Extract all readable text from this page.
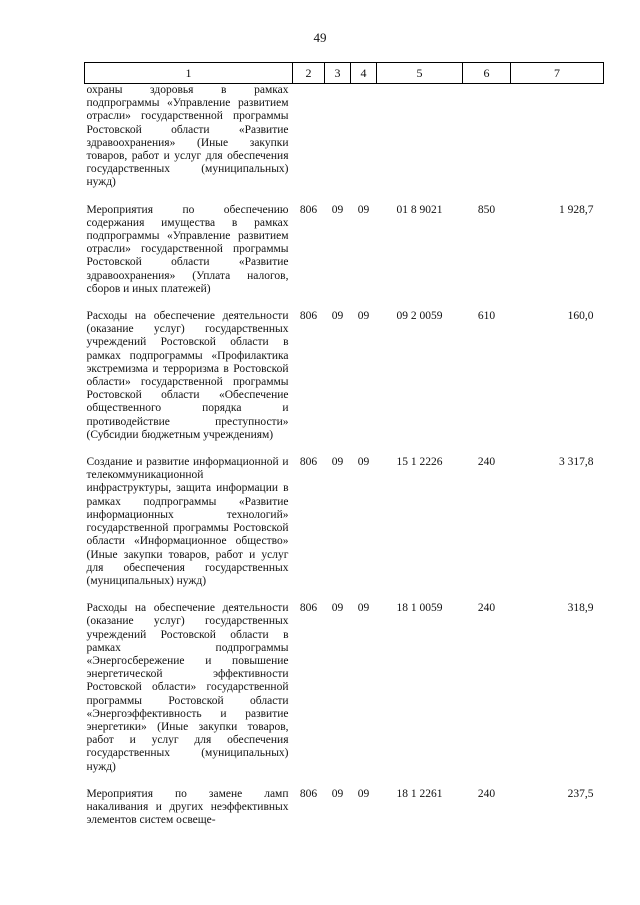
49
1	2	3	4	5	6	7
охраны здоровья в рамках подпрограммы «Управление развитием отрасли» государственной программы Ростовской области «Развитие здравоохранения» (Иные закупки товаров, работ и услуг для обеспечения государственных (муниципальных) нужд)						

Мероприятия по обеспечению содержания имущества в рамках подпрограммы «Управление развитием отрасли» государственной программы Ростовской области «Развитие здравоохранения» (Уплата налогов, сборов и иных платежей)	806	09	09	01 8 9021	850	1 928,7

Расходы на обеспечение деятельности (оказание услуг) государственных учреждений Ростовской области в рамках подпрограммы «Профилактика экстремизма и терроризма в Ростовской области» государственной программы Ростовской области «Обеспечение общественного порядка и противодействие преступности» (Субсидии бюджетным учреждениям)	806	09	09	09 2 0059	610	160,0

Создание и развитие информационной и телекоммуникационной инфраструктуры, защита информации в рамках подпрограммы «Развитие информационных технологий» государственной программы Ростовской области «Информационное общество» (Иные закупки товаров, работ и услуг для обеспечения государственных (муниципальных) нужд)	806	09	09	15 1 2226	240	3 317,8

Расходы на обеспечение деятельности (оказание услуг) государственных учреждений Ростовской области в рамках подпрограммы «Энергосбережение и повышение энергетической эффективности Ростовской области» государственной программы Ростовской области «Энергоэффективность и развитие энергетики» (Иные закупки товаров, работ и услуг для обеспечения государственных (муниципальных) нужд)	806	09	09	18 1 0059	240	318,9

Мероприятия по замене ламп накаливания и других неэффективных элементов систем освеще-	806	09	09	18 1 2261	240	237,5
